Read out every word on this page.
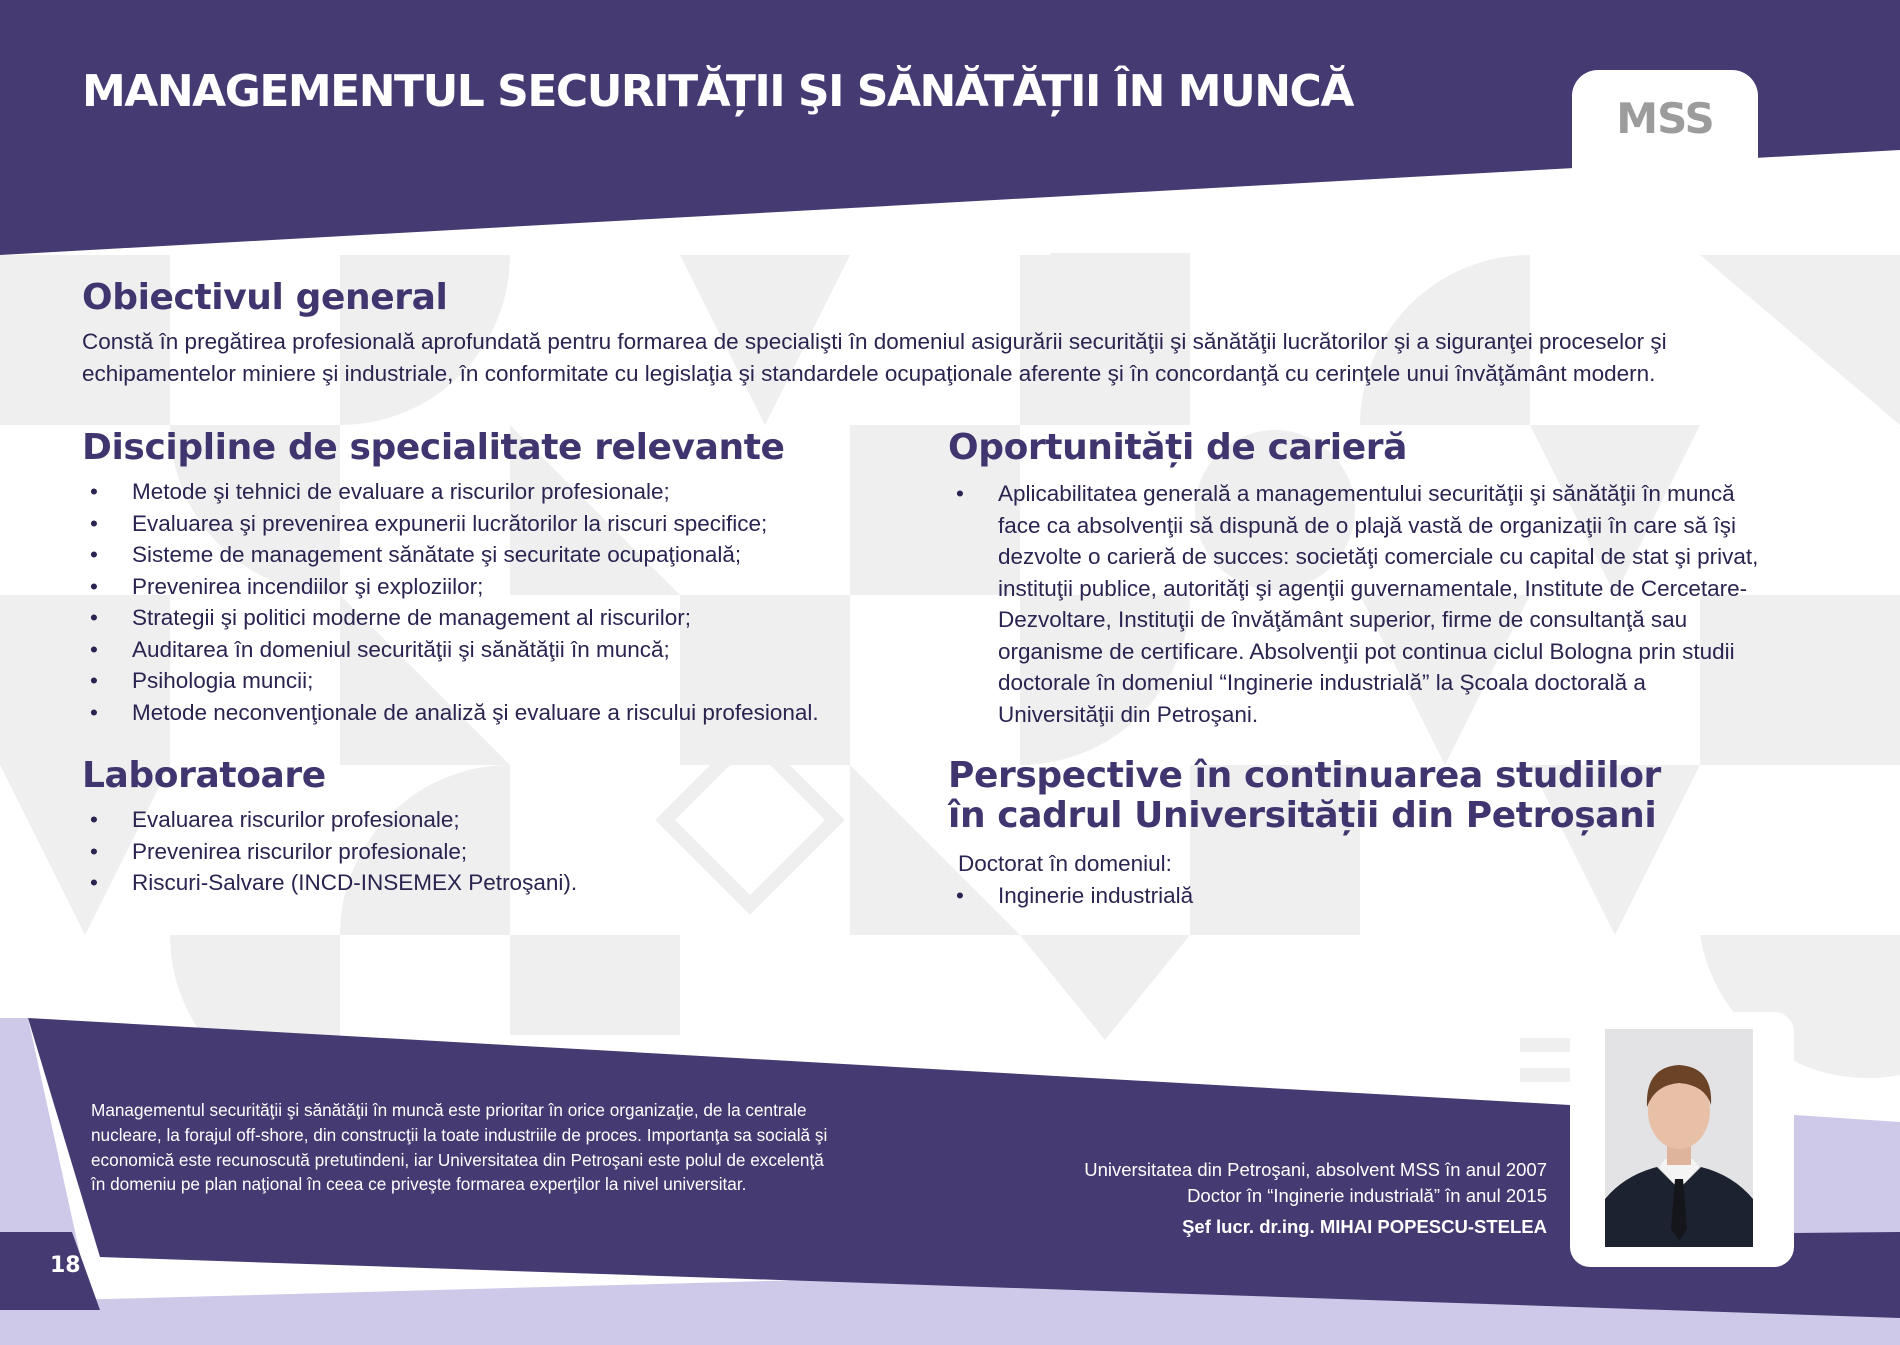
MANAGEMENTUL SECURITĂȚII ŞI SĂNĂTĂȚII ÎN MUNCĂ
MSS
Obiectivul general
Constă în pregătirea profesională aprofundată pentru formarea de specialişti în domeniul asigurării securităţii şi sănătăţii lucrătorilor şi a siguranţei proceselor şi
echipamentelor miniere şi industriale, în conformitate cu legislaţia şi standardele ocupaţionale aferente şi în concordanţă cu cerinţele unui învăţământ modern.
Discipline de specialitate relevante
• Metode şi tehnici de evaluare a riscurilor profesionale;
• Evaluarea şi prevenirea expunerii lucrătorilor la riscuri specifice;
• Sisteme de management sănătate şi securitate ocupaţională;
• Prevenirea incendiilor şi exploziilor;
• Strategii şi politici moderne de management al riscurilor;
• Auditarea în domeniul securităţii şi sănătăţii în muncă;
• Psihologia muncii;
• Metode neconvenţionale de analiză şi evaluare a riscului profesional.
Oportunități de carieră
• Aplicabilitatea generală a managementului securităţii şi sănătăţii în muncă face ca absolvenţii să dispună de o plajă vastă de organizaţii în care să îşi dezvolte o carieră de succes: societăţi comerciale cu capital de stat şi privat, instituţii publice, autorităţi şi agenţii guvernamentale, Institute de Cercetare-Dezvoltare, Instituţii de învăţământ superior, firme de consultanţă sau organisme de certificare. Absolvenţii pot continua ciclul Bologna prin studii doctorale în domeniul “Inginerie industrială” la Şcoala doctorală a Universităţii din Petroşani.
Laboratoare
• Evaluarea riscurilor profesionale;
• Prevenirea riscurilor profesionale;
• Riscuri-Salvare (INCD-INSEMEX Petroşani).
Perspective în continuarea studiilor
în cadrul Universității din Petroșani
Doctorat în domeniul:
• Inginerie industrială
Managementul securităţii şi sănătăţii în muncă este prioritar în orice organizaţie, de la centrale
nucleare, la forajul off-shore, din construcţii la toate industriile de proces. Importanţa sa socială şi
economică este recunoscută pretutindeni, iar Universitatea din Petroşani este polul de excelenţă
în domeniu pe plan naţional în ceea ce priveşte formarea experţilor la nivel universitar.
18
Universitatea din Petroşani, absolvent MSS în anul 2007
Doctor în “Inginerie industrială” în anul 2015
Şef lucr. dr.ing. MIHAI POPESCU-STELEA
